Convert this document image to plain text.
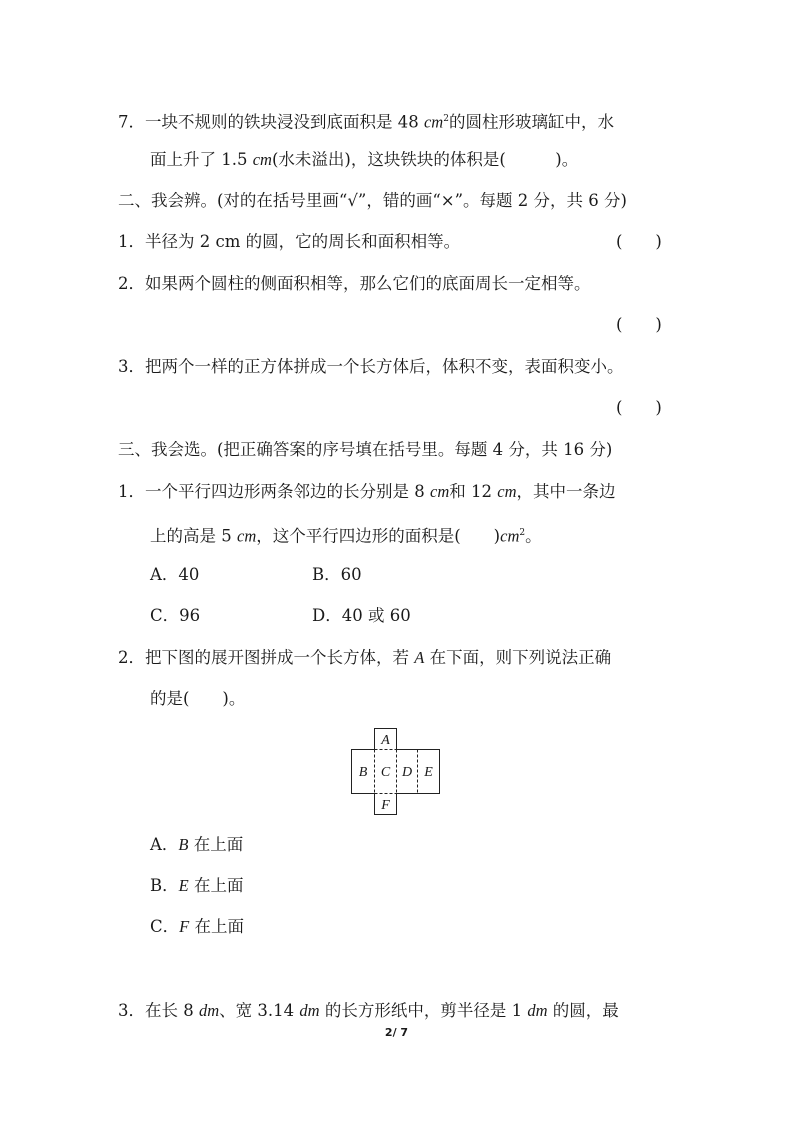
7．一块不规则的铁块浸没到底面积是 48 $cm^2$的圆柱形玻璃缸中，水
面上升了 1.5 cm(水未溢出)，这块铁块的体积是(　　　)。
二、我会辨。(对的在括号里画“√”，错的画“×”。每题 2 分，共 6 分)
1．半径为 2 cm 的圆，它的周长和面积相等。	(　　)
2．如果两个圆柱的侧面积相等，那么它们的底面周长一定相等。
(　　)
3．把两个一样的正方体拼成一个长方体后，体积不变，表面积变小。
(　　)
三、我会选。(把正确答案的序号填在括号里。每题 4 分，共 16 分)
1．一个平行四边形两条邻边的长分别是 8 cm和 12 cm，其中一条边
上的高是 5 cm，这个平行四边形的面积是(　　)$cm^2$。
A．40	B．60
C．96	D．40 或 60
2．把下图的展开图拼成一个长方体，若 A 在下面，则下列说法正确
的是(　　)。
A
B C D E
F
A．B 在上面
B．E 在上面
C．F 在上面
3．在长 8 dm、宽 3.14 dm 的长方形纸中，剪半径是 1 dm 的圆，最
2/ 7
